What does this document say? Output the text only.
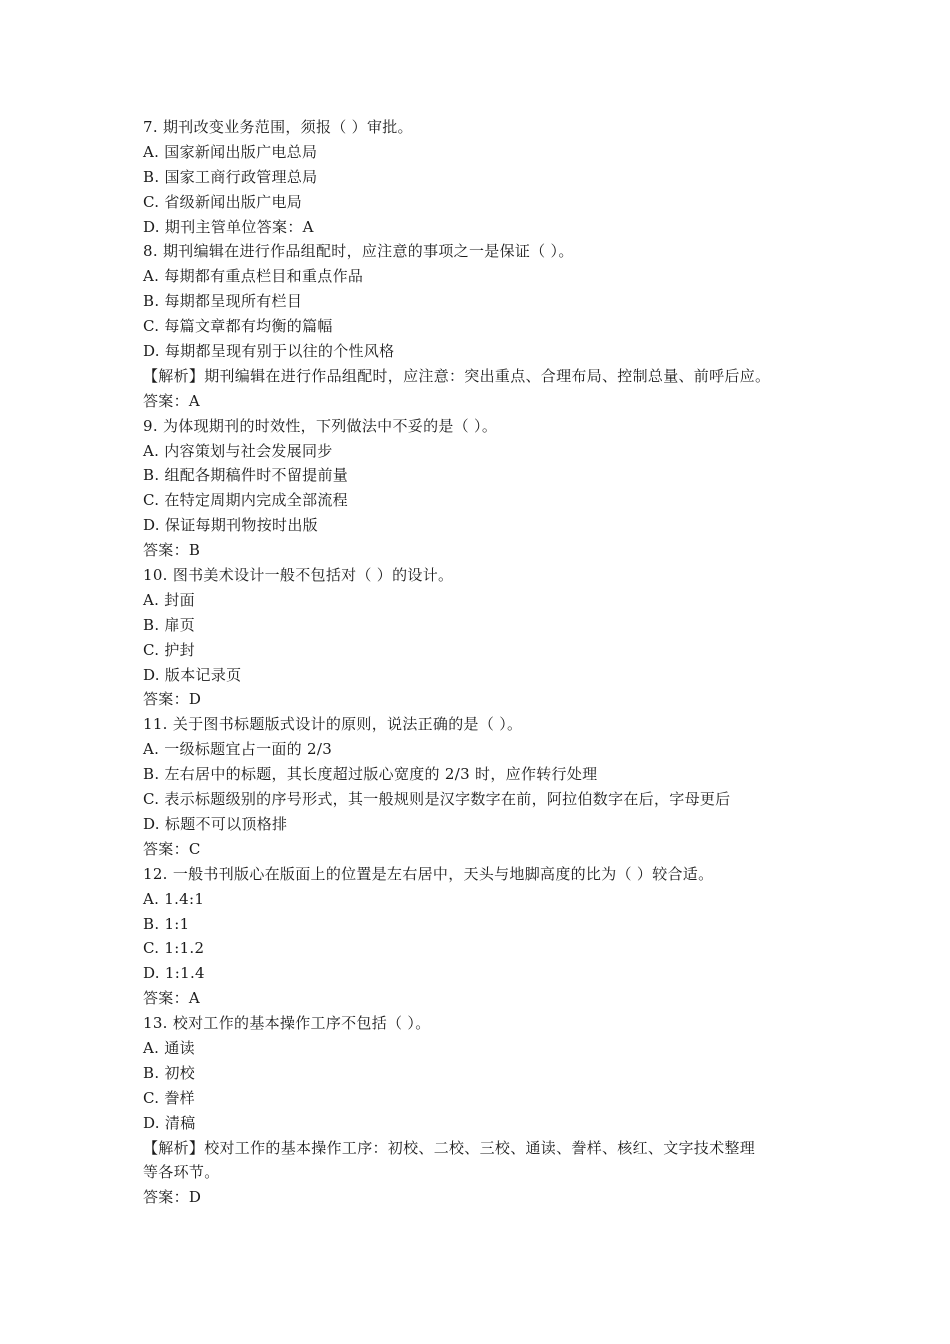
7. 期刊改变业务范围，须报（ ）审批。
A. 国家新闻出版广电总局
B. 国家工商行政管理总局
C. 省级新闻出版广电局
D. 期刊主管单位答案：A
8. 期刊编辑在进行作品组配时，应注意的事项之一是保证（ ）。
A. 每期都有重点栏目和重点作品
B. 每期都呈现所有栏目
C. 每篇文章都有均衡的篇幅
D. 每期都呈现有别于以往的个性风格
【解析】期刊编辑在进行作品组配时，应注意：突出重点、合理布局、控制总量、前呼后应。
答案：A
9. 为体现期刊的时效性，下列做法中不妥的是（ ）。
A. 内容策划与社会发展同步
B. 组配各期稿件时不留提前量
C. 在特定周期内完成全部流程
D. 保证每期刊物按时出版
答案：B
10. 图书美术设计一般不包括对（ ）的设计。
A. 封面
B. 扉页
C. 护封
D. 版本记录页
答案：D
11. 关于图书标题版式设计的原则，说法正确的是（ ）。
A. 一级标题宜占一面的 2/3
B. 左右居中的标题，其长度超过版心宽度的 2/3 时，应作转行处理
C. 表示标题级别的序号形式，其一般规则是汉字数字在前，阿拉伯数字在后，字母更后
D. 标题不可以顶格排
答案：C
12. 一般书刊版心在版面上的位置是左右居中，天头与地脚高度的比为（ ）较合适。
A. 1.4:1
B. 1:1
C. 1:1.2
D. 1:1.4
答案：A
13. 校对工作的基本操作工序不包括（ ）。
A. 通读
B. 初校
C. 誊样
D. 清稿
【解析】校对工作的基本操作工序：初校、二校、三校、通读、誊样、核红、文字技术整理
等各环节。
答案：D
